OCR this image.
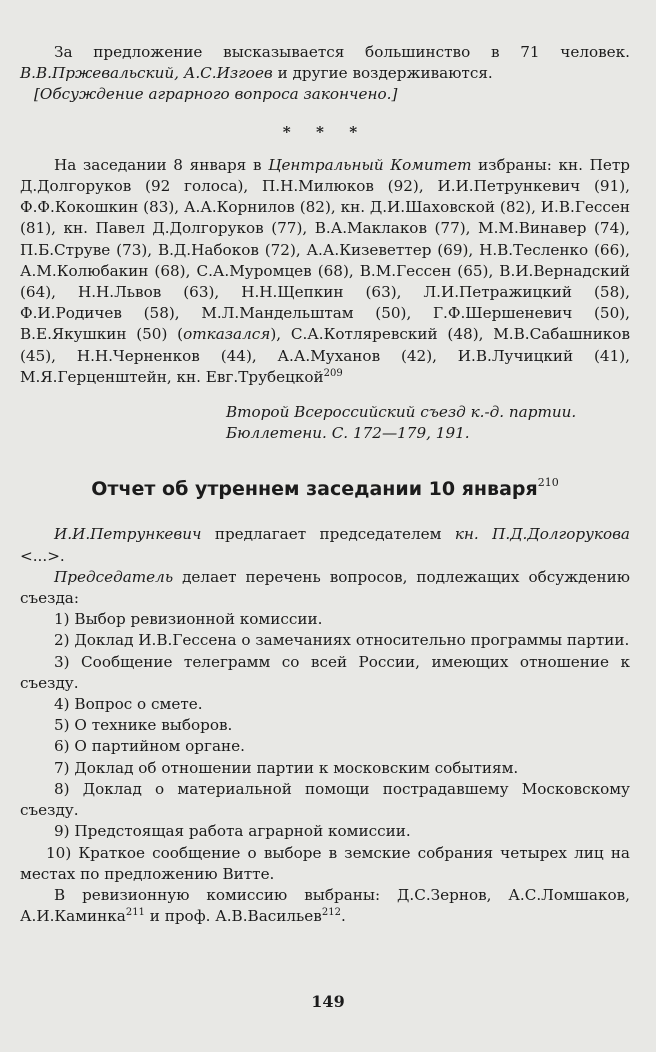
За предложение высказывается большинство в 71 человек. В.В.Пржевальский, А.С.Изгоев и другие воздерживаются.

[Обсуждение аграрного вопроса закончено.]

* * *

На заседании 8 января в Центральный Комитет избраны: кн. Петр Д.Долгоруков (92 голоса), П.Н.Милюков (92), И.И.Петрункевич (91), Ф.Ф.Кокошкин (83), А.А.Корнилов (82), кн. Д.И.Шаховской (82), И.В.Гессен (81), кн. Павел Д.Долгоруков (77), В.А.Маклаков (77), М.М.Винавер (74), П.Б.Струве (73), В.Д.Набоков (72), А.А.Кизеветтер (69), Н.В.Тесленко (66), А.М.Колюбакин (68), С.А.Муромцев (68), В.М.Гессен (65), В.И.Вернадский (64), Н.Н.Львов (63), Н.Н.Щепкин (63), Л.И.Петражицкий (58), Ф.И.Родичев (58), М.Л.Мандельштам (50), Г.Ф.Шершеневич (50), В.Е.Якушкин (50) (отказался), С.А.Котляревский (48), М.В.Сабашников (45), Н.Н.Черненков (44), А.А.Муханов (42), И.В.Лучицкий (41), М.Я.Герценштейн, кн. Евг.Трубецкой$^{209}$

Второй Всероссийский съезд к.-д. партии.
Бюллетени. С. 172—179, 191.
Отчет об утреннем заседании 10 января$^{210}$

И.И.Петрункевич предлагает председателем кн. П.Д.Долгорукова <...>.

Председатель делает перечень вопросов, подлежащих обсуждению съезда:

1) Выбор ревизионной комиссии.

2) Доклад И.В.Гессена о замечаниях относительно программы партии.

3) Сообщение телеграмм со всей России, имеющих отношение к съезду.

4) Вопрос о смете.

5) О технике выборов.

6) О партийном органе.

7) Доклад об отношении партии к московским событиям.

8) Доклад о материальной помощи пострадавшему Московскому съезду.

9) Предстоящая работа аграрной комиссии.

10) Краткое сообщение о выборе в земские собрания четырех лиц на местах по предложению Витте.

В ревизионную комиссию выбраны: Д.С.Зернов, А.С.Ломшаков, А.И.Каминка$^{211}$ и проф. А.В.Васильев$^{212}$.

149
